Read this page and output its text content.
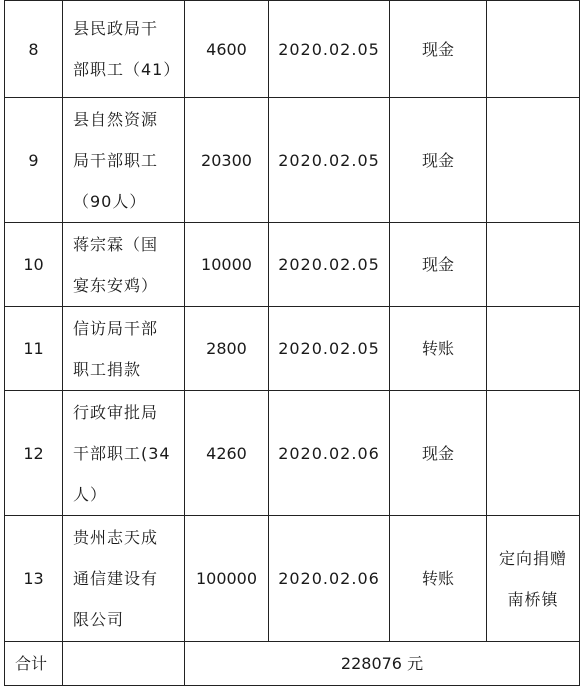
8	县民政局干部职工（41）	4600	2020.02.05	现金	
9	县自然资源局干部职工（90人）	20300	2020.02.05	现金	
10	蒋宗霖（国宴东安鸡）	10000	2020.02.05	现金	
11	信访局干部职工捐款	2800	2020.02.05	转账	
12	行政审批局干部职工(34人）	4260	2020.02.06	现金	
13	贵州志天成通信建设有限公司	100000	2020.02.06	转账	定向捐赠南桥镇
合计		228076 元			
